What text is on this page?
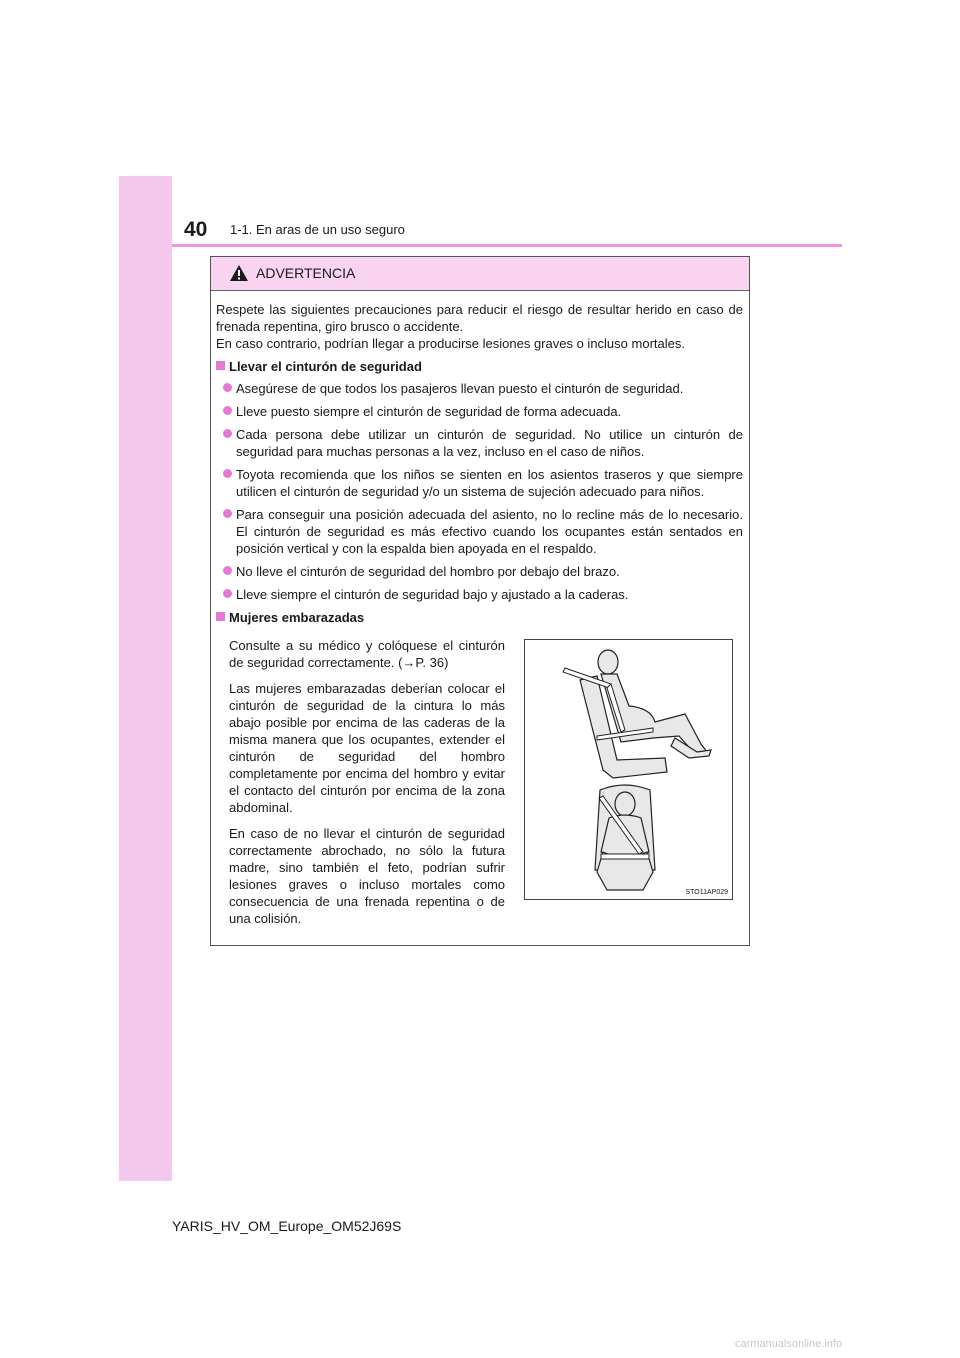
40 1-1. En aras de un uso seguro
ADVERTENCIA

Respete las siguientes precauciones para reducir el riesgo de resultar herido en caso de frenada repentina, giro brusco o accidente.

En caso contrario, podrían llegar a producirse lesiones graves o incluso mortales.

Llevar el cinturón de seguridad
Asegúrese de que todos los pasajeros llevan puesto el cinturón de seguridad.
Lleve puesto siempre el cinturón de seguridad de forma adecuada.
Cada persona debe utilizar un cinturón de seguridad. No utilice un cinturón de seguridad para muchas personas a la vez, incluso en el caso de niños.
Toyota recomienda que los niños se sienten en los asientos traseros y que siempre utilicen el cinturón de seguridad y/o un sistema de sujeción adecuado para niños.
Para conseguir una posición adecuada del asiento, no lo recline más de lo necesario. El cinturón de seguridad es más efectivo cuando los ocupantes están sentados en posición vertical y con la espalda bien apoyada en el respaldo.
No lleve el cinturón de seguridad del hombro por debajo del brazo.
Lleve siempre el cinturón de seguridad bajo y ajustado a la caderas.
Mujeres embarazadas

Consulte a su médico y colóquese el cinturón de seguridad correctamente. (→P. 36)

Las mujeres embarazadas deberían colocar el cinturón de seguridad de la cintura lo más abajo posible por encima de las caderas de la misma manera que los ocupantes, extender el cinturón de seguridad del hombro completamente por encima del hombro y evitar el contacto del cinturón por encima de la zona abdominal.

En caso de no llevar el cinturón de seguridad correctamente abrochado, no sólo la futura madre, sino también el feto, podrían sufrir lesiones graves o incluso mortales como consecuencia de una frenada repentina o de una colisión.

STO11AP029
YARIS_HV_OM_Europe_OM52J69S
carmanualsonline.info
